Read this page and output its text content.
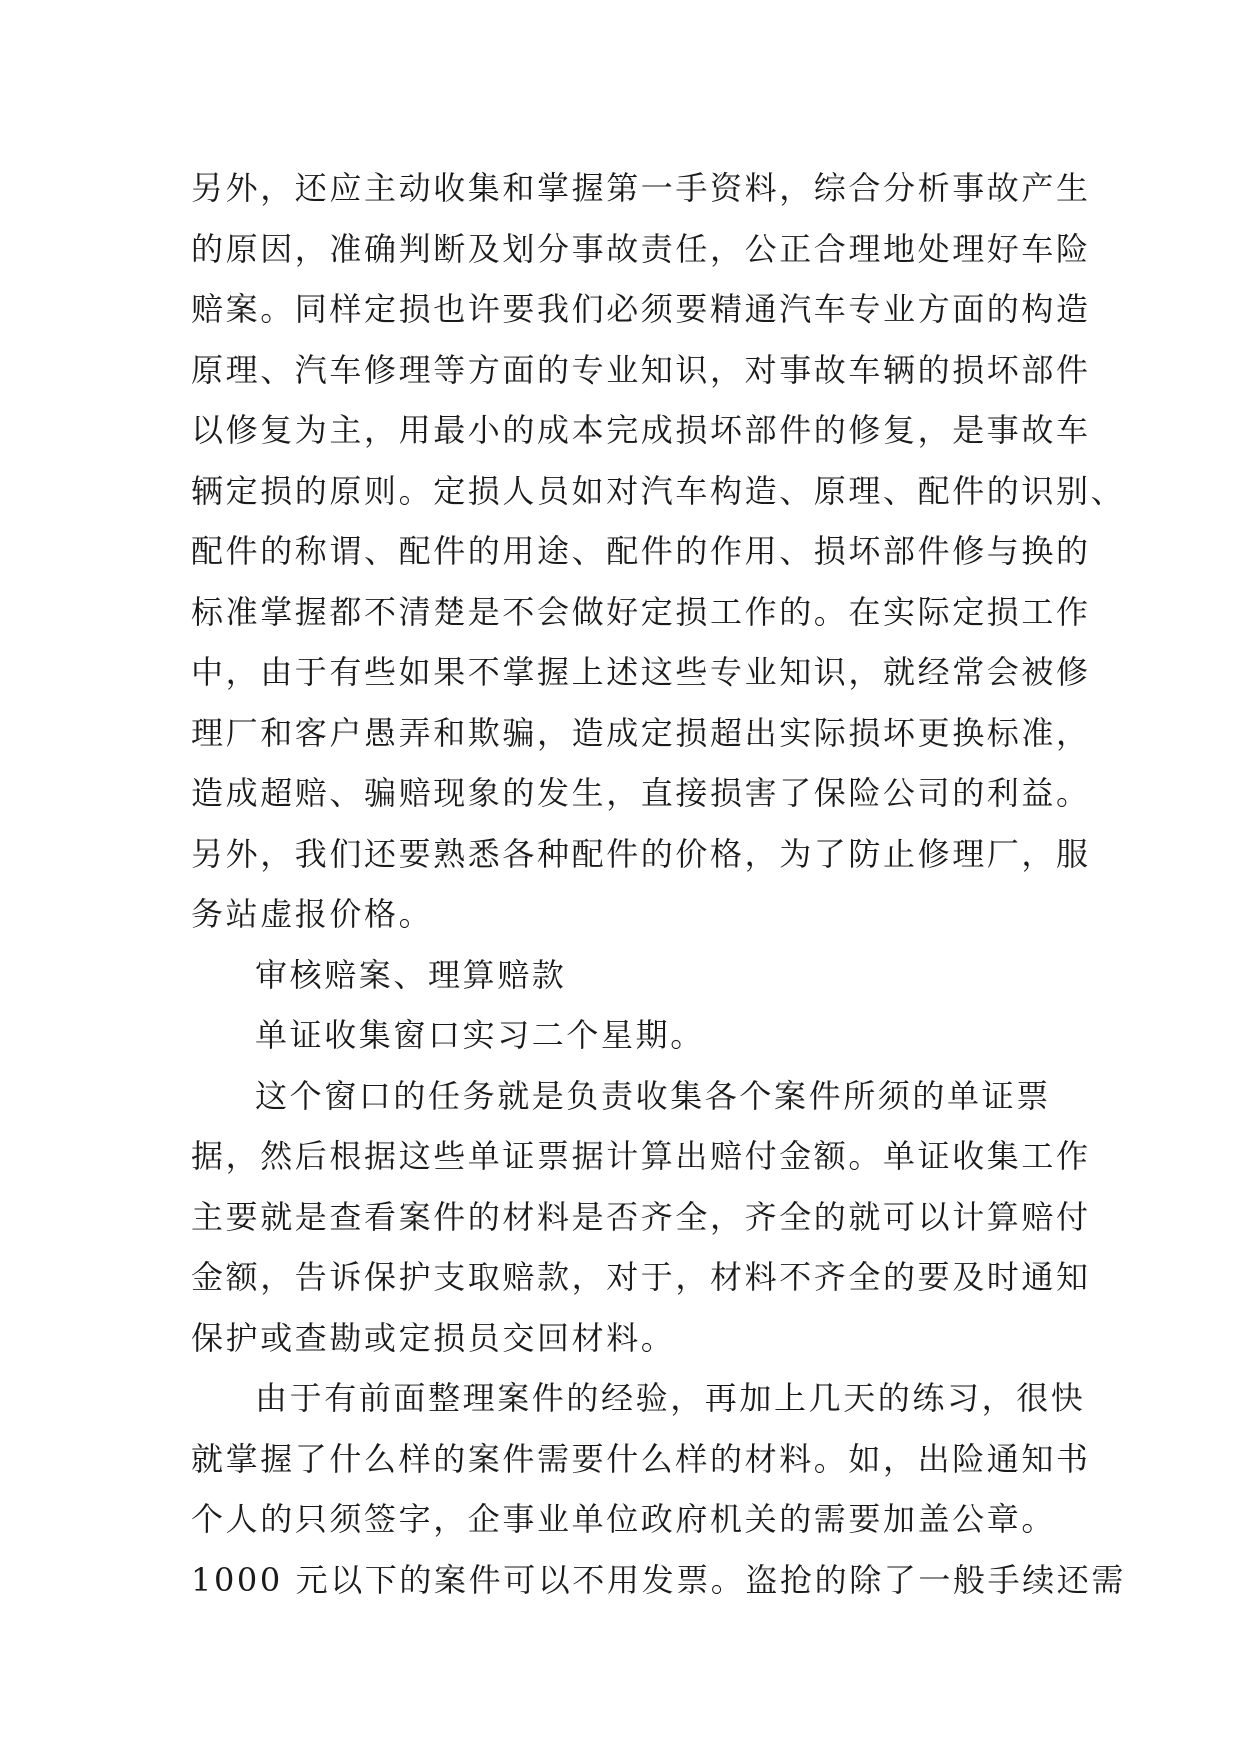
另外，还应主动收集和掌握第一手资料，综合分析事故产生
的原因，准确判断及划分事故责任，公正合理地处理好车险
赔案。同样定损也许要我们必须要精通汽车专业方面的构造
原理、汽车修理等方面的专业知识，对事故车辆的损坏部件
以修复为主，用最小的成本完成损坏部件的修复，是事故车
辆定损的原则。定损人员如对汽车构造、原理、配件的识别、
配件的称谓、配件的用途、配件的作用、损坏部件修与换的
标准掌握都不清楚是不会做好定损工作的。在实际定损工作
中，由于有些如果不掌握上述这些专业知识，就经常会被修
理厂和客户愚弄和欺骗，造成定损超出实际损坏更换标准，
造成超赔、骗赔现象的发生，直接损害了保险公司的利益。
另外，我们还要熟悉各种配件的价格，为了防止修理厂，服
务站虚报价格。
审核赔案、理算赔款
单证收集窗口实习二个星期。
这个窗口的任务就是负责收集各个案件所须的单证票
据，然后根据这些单证票据计算出赔付金额。单证收集工作
主要就是查看案件的材料是否齐全，齐全的就可以计算赔付
金额，告诉保护支取赔款，对于，材料不齐全的要及时通知
保护或查勘或定损员交回材料。
由于有前面整理案件的经验，再加上几天的练习，很快
就掌握了什么样的案件需要什么样的材料。如，出险通知书
个人的只须签字，企事业单位政府机关的需要加盖公章。
1000 元以下的案件可以不用发票。盗抢的除了一般手续还需
